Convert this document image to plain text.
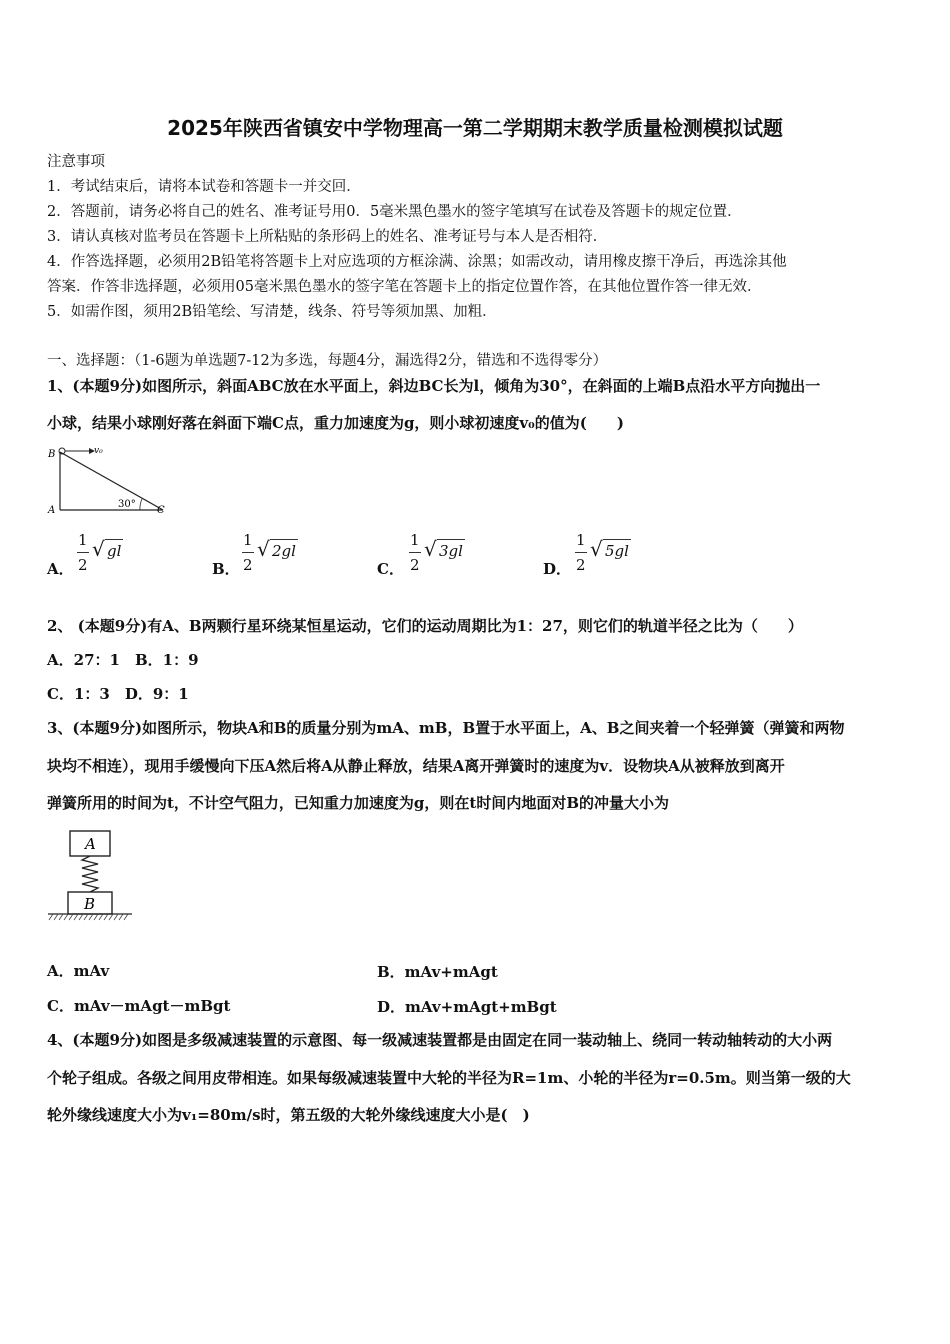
2025年陕西省镇安中学物理高一第二学期期末教学质量检测模拟试题
注意事项
1．考试结束后，请将本试卷和答题卡一并交回．
2．答题前，请务必将自己的姓名、准考证号用0．5毫米黑色墨水的签字笔填写在试卷及答题卡的规定位置．
3．请认真核对监考员在答题卡上所粘贴的条形码上的姓名、准考证号与本人是否相符．
4．作答选择题，必须用2B铅笔将答题卡上对应选项的方框涂满、涂黑；如需改动，请用橡皮擦干净后，再选涂其他
答案．作答非选择题，必须用05毫米黑色墨水的签字笔在答题卡上的指定位置作答，在其他位置作答一律无效．
5．如需作图，须用2B铅笔绘、写清楚，线条、符号等须加黑、加粗．
一、选择题：（1-6题为单选题7-12为多选，每题4分，漏选得2分，错选和不选得零分）
1、(本题9分)如图所示，斜面ABC放在水平面上，斜边BC长为l，倾角为30°，在斜面的上端B点沿水平方向抛出一
小球，结果小球刚好落在斜面下端C点，重力加速度为g，则小球初速度v₀的值为(　　)
B	v₀
A	C
30°
A．
1
2
√ gl
B．
1
2
√ 2gl
C．
1
2
√ 3gl
D．
1
2
√ 5gl
2、 (本题9分)有A、B两颗行星环绕某恒星运动，它们的运动周期比为1：27，则它们的轨道半径之比为（　　）
A．27：1　B．1：9
C．1：3　D．9：1
3、(本题9分)如图所示，物块A和B的质量分别为mA、mB，B置于水平面上，A、B之间夹着一个轻弹簧（弹簧和两物
块均不相连），现用手缓慢向下压A然后将A从静止释放，结果A离开弹簧时的速度为v．设物块A从被释放到离开
弹簧所用的时间为t，不计空气阻力，已知重力加速度为g，则在t时间内地面对B的冲量大小为
A
B
A．mAv	B．mAv+mAgt
C．mAv－mAgt－mBgt	D．mAv+mAgt+mBgt
4、(本题9分)如图是多级减速装置的示意图、每一级减速装置都是由固定在同一装动轴上、绕同一转动轴转动的大小两
个轮子组成。各级之间用皮带相连。如果每级减速装置中大轮的半径为R=1m、小轮的半径为r=0.5m。则当第一级的大
轮外缘线速度大小为v₁=80m/s时，第五级的大轮外缘线速度大小是(　)
